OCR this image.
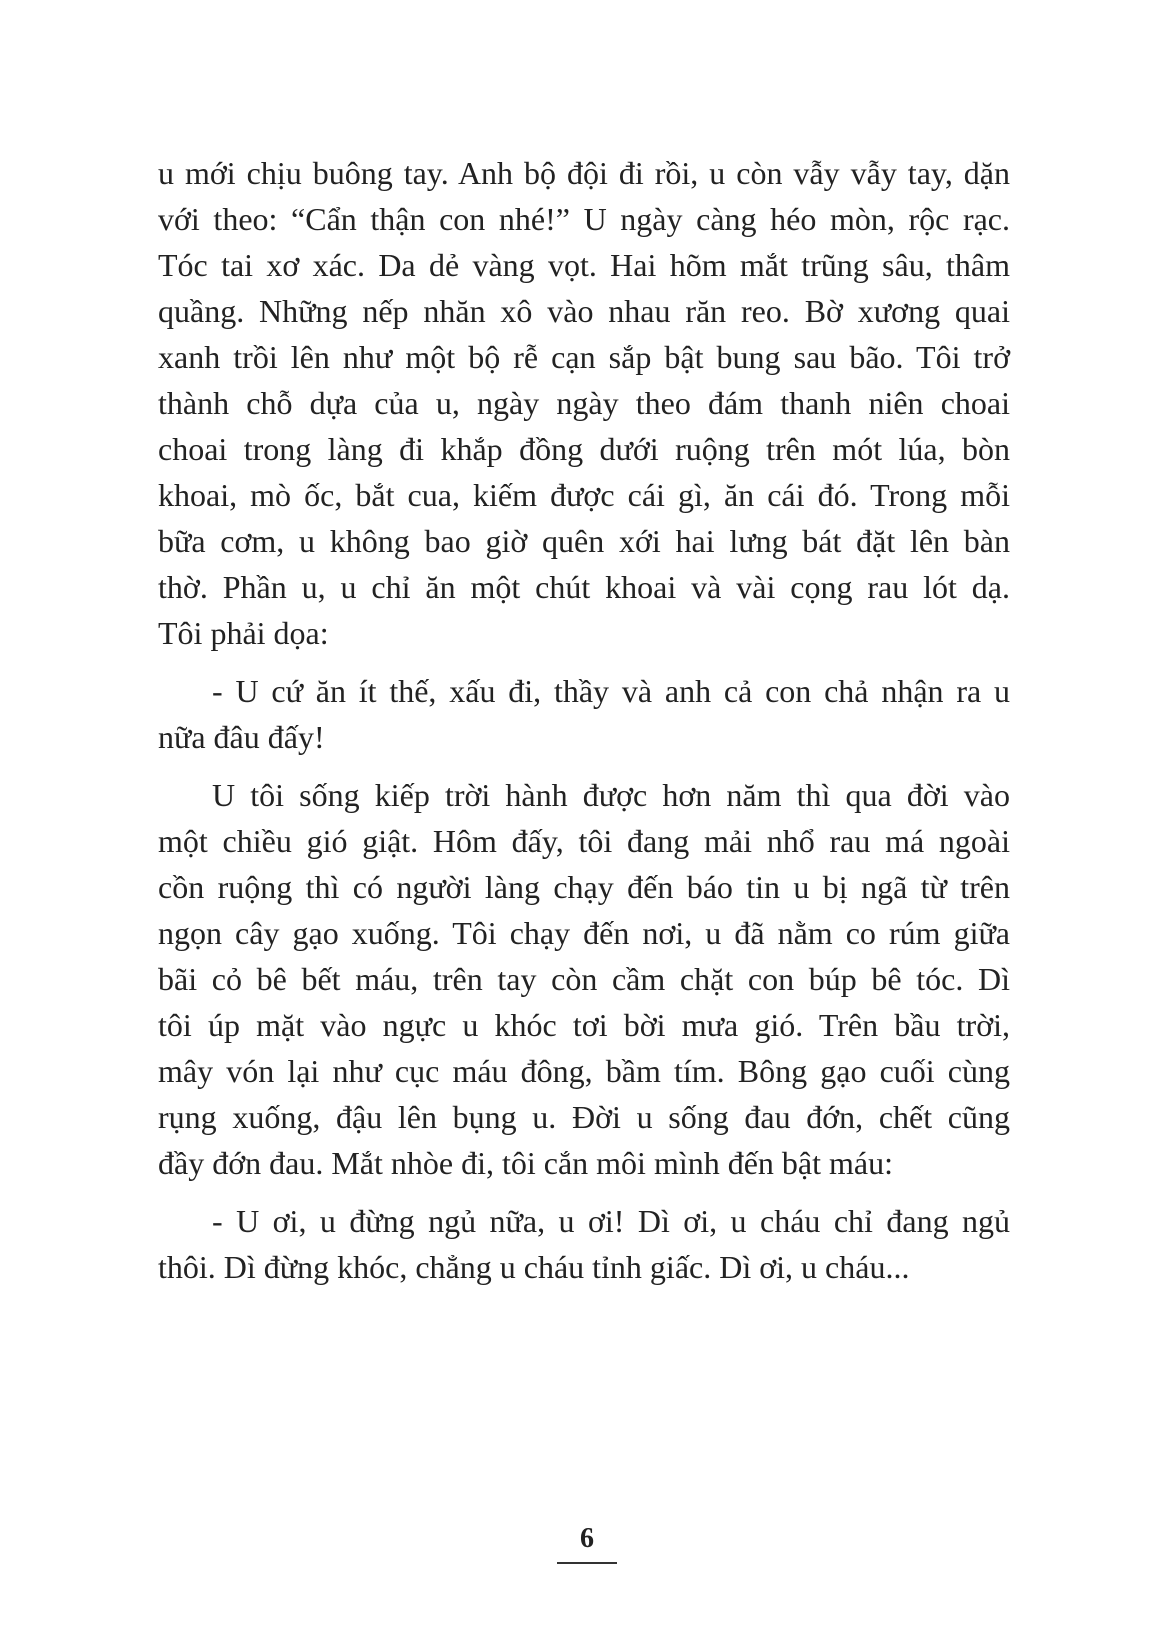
u mới chịu buông tay. Anh bộ đội đi rồi, u còn vẫy vẫy tay, dặn
với theo: “Cẩn thận con nhé!” U ngày càng héo mòn, rộc rạc.
Tóc tai xơ xác. Da dẻ vàng vọt. Hai hõm mắt trũng sâu, thâm
quầng. Những nếp nhăn xô vào nhau răn reo. Bờ xương quai
xanh trồi lên như một bộ rễ cạn sắp bật bung sau bão. Tôi trở
thành chỗ dựa của u, ngày ngày theo đám thanh niên choai
choai trong làng đi khắp đồng dưới ruộng trên mót lúa, bòn
khoai, mò ốc, bắt cua, kiếm được cái gì, ăn cái đó. Trong mỗi
bữa cơm, u không bao giờ quên xới hai lưng bát đặt lên bàn
thờ. Phần u, u chỉ ăn một chút khoai và vài cọng rau lót dạ.
Tôi phải dọa:
- U cứ ăn ít thế, xấu đi, thầy và anh cả con chả nhận ra u
nữa đâu đấy!
U tôi sống kiếp trời hành được hơn năm thì qua đời vào
một chiều gió giật. Hôm đấy, tôi đang mải nhổ rau má ngoài
cồn ruộng thì có người làng chạy đến báo tin u bị ngã từ trên
ngọn cây gạo xuống. Tôi chạy đến nơi, u đã nằm co rúm giữa
bãi cỏ bê bết máu, trên tay còn cầm chặt con búp bê tóc. Dì
tôi úp mặt vào ngực u khóc tơi bời mưa gió. Trên bầu trời,
mây vón lại như cục máu đông, bầm tím. Bông gạo cuối cùng
rụng xuống, đậu lên bụng u. Đời u sống đau đớn, chết cũng
đầy đớn đau. Mắt nhòe đi, tôi cắn môi mình đến bật máu:
- U ơi, u đừng ngủ nữa, u ơi! Dì ơi, u cháu chỉ đang ngủ
thôi. Dì đừng khóc, chẳng u cháu tỉnh giấc. Dì ơi, u cháu...
6
